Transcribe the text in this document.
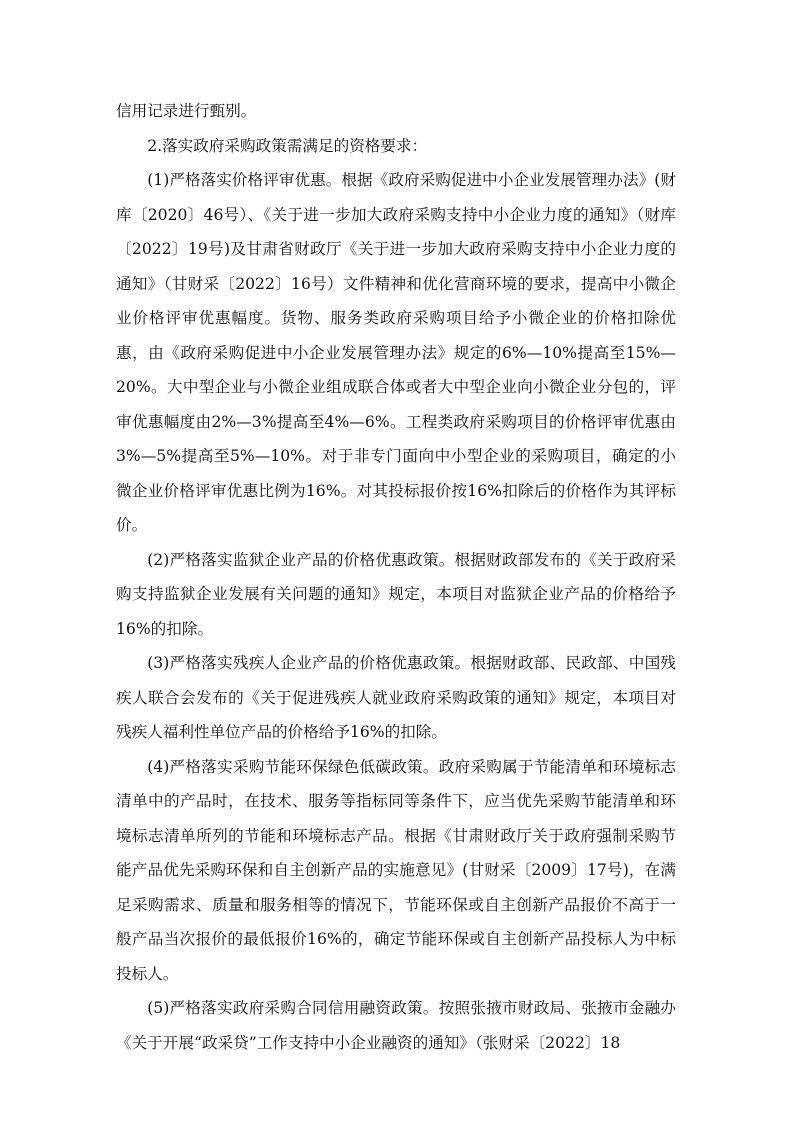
信用记录进行甄别。

2.落实政府采购政策需满足的资格要求：

(1)严格落实价格评审优惠。根据《政府采购促进中小企业发展管理办法》(财库〔2020〕46号）、《关于进一步加大政府采购支持中小企业力度的通知》（财库〔2022〕19号)及甘肃省财政厅《关于进一步加大政府采购支持中小企业力度的通知》（甘财采〔2022〕16号）文件精神和优化营商环境的要求，提高中小微企业价格评审优惠幅度。货物、服务类政府采购项目给予小微企业的价格扣除优惠，由《政府采购促进中小企业发展管理办法》规定的6%—10%提高至15%—20%。大中型企业与小微企业组成联合体或者大中型企业向小微企业分包的，评审优惠幅度由2%—3%提高至4%—6%。工程类政府采购项目的价格评审优惠由3%—5%提高至5%—10%。对于非专门面向中小型企业的采购项目，确定的小微企业价格评审优惠比例为16%。对其投标报价按16%扣除后的价格作为其评标价。

(2)严格落实监狱企业产品的价格优惠政策。根据财政部发布的《关于政府采购支持监狱企业发展有关问题的通知》规定，本项目对监狱企业产品的价格给予16%的扣除。

(3)严格落实残疾人企业产品的价格优惠政策。根据财政部、民政部、中国残疾人联合会发布的《关于促进残疾人就业政府采购政策的通知》规定，本项目对残疾人福利性单位产品的价格给予16%的扣除。

(4)严格落实采购节能环保绿色低碳政策。政府采购属于节能清单和环境标志清单中的产品时，在技术、服务等指标同等条件下，应当优先采购节能清单和环境标志清单所列的节能和环境标志产品。根据《甘肃财政厅关于政府强制采购节能产品优先采购环保和自主创新产品的实施意见》(甘财采〔2009〕17号)，在满足采购需求、质量和服务相等的情况下，节能环保或自主创新产品报价不高于一般产品当次报价的最低报价16%的，确定节能环保或自主创新产品投标人为中标投标人。

(5)严格落实政府采购合同信用融资政策。按照张掖市财政局、张掖市金融办《关于开展“政采贷”工作支持中小企业融资的通知》（张财采〔2022〕18
